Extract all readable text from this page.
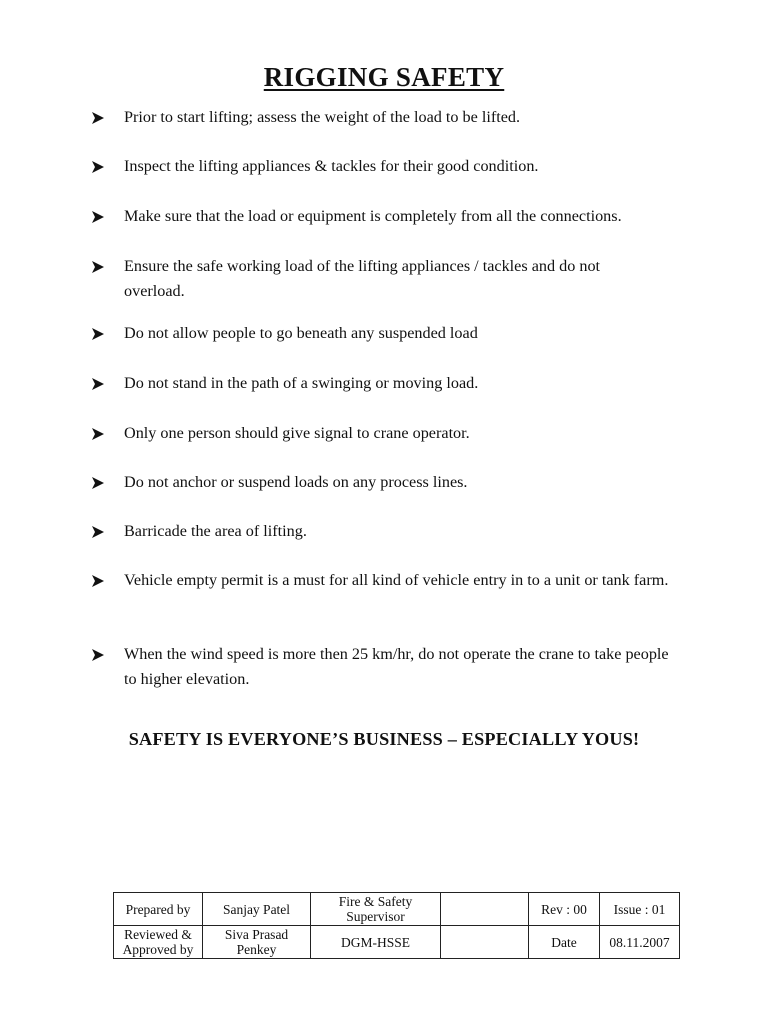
RIGGING SAFETY
Prior to start lifting; assess the weight of the load to be lifted.
Inspect the lifting appliances & tackles for their good condition.
Make sure that the load or equipment is completely from all the connections.
Ensure the safe working load of the lifting appliances / tackles and do not overload.
Do not allow people to go beneath any suspended load
Do not stand in the path of a swinging or moving load.
Only one person should give signal to crane operator.
Do not anchor or suspend loads on any process lines.
Barricade the area of lifting.
Vehicle empty permit is a must for all kind of vehicle entry in to a unit or tank farm.
When the wind speed is more then 25 km/hr, do not operate the crane to take people to higher elevation.
SAFETY IS EVERYONE’S BUSINESS – ESPECIALLY YOUS!
Prepared by	Sanjay Patel	Fire & Safety Supervisor		Rev : 00	Issue : 01
Reviewed & Approved by	Siva Prasad Penkey	DGM-HSSE		Date	08.11.2007
